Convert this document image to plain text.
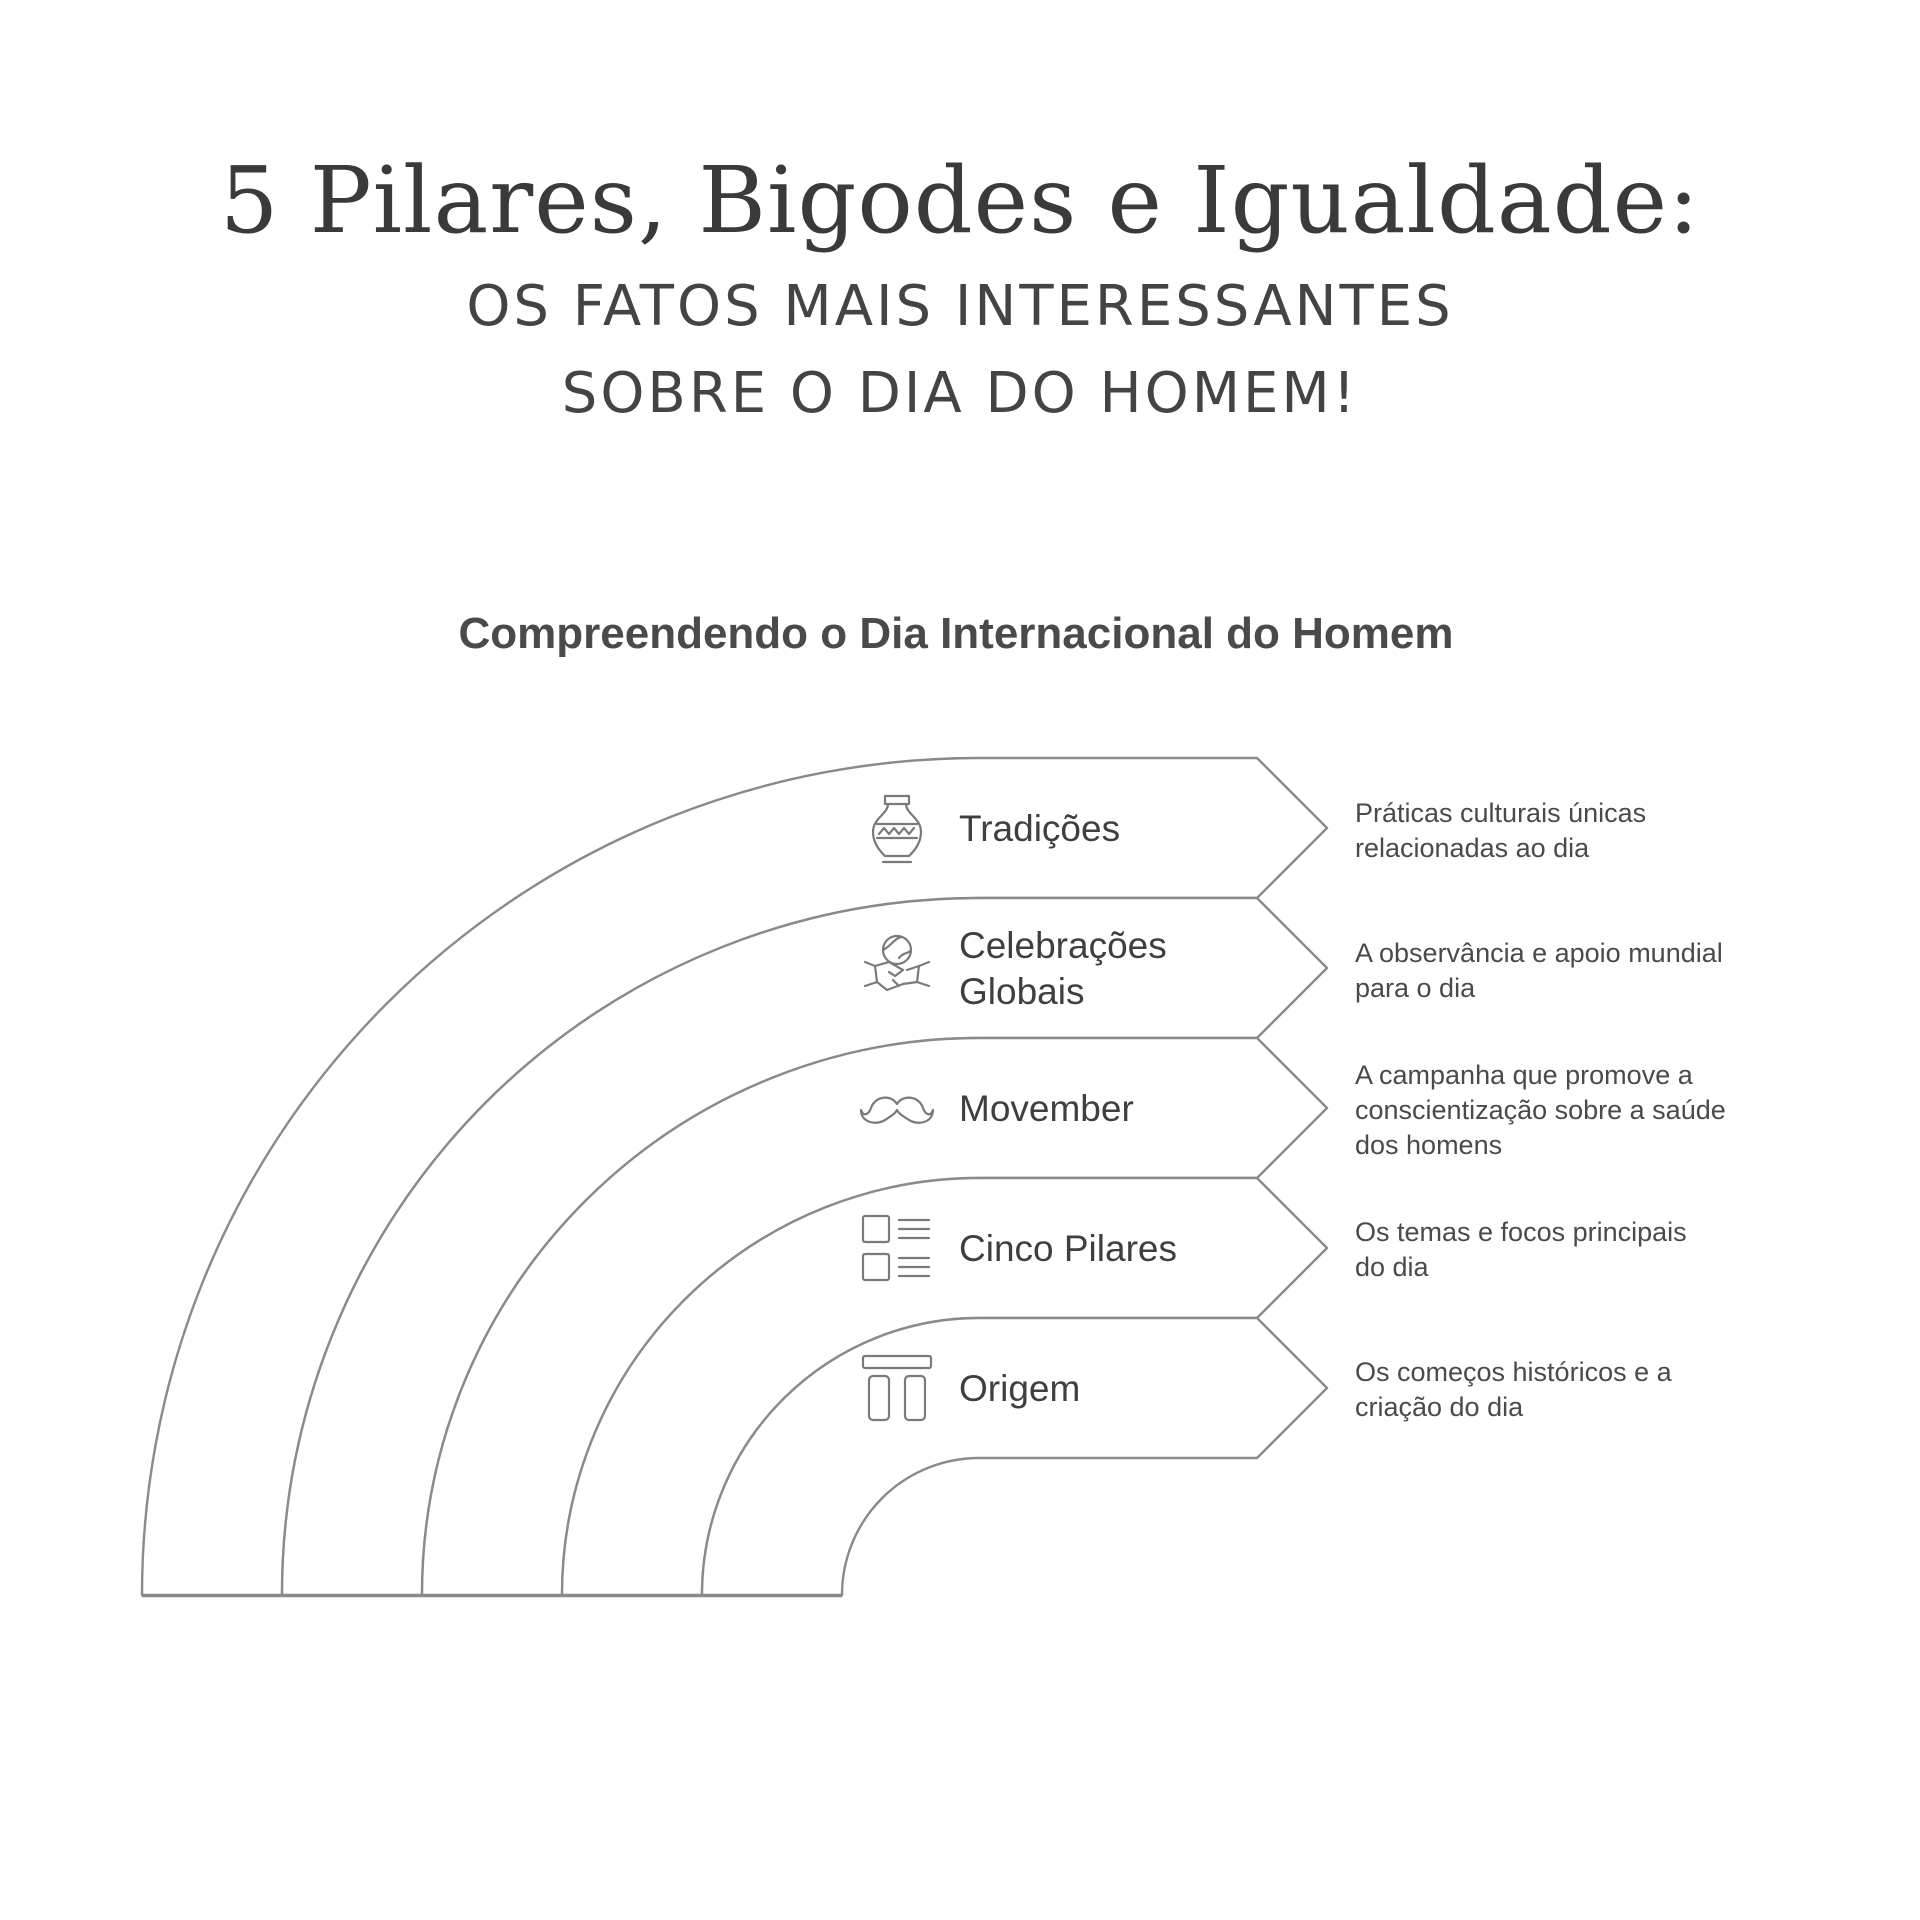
5 Pilares, Bigodes e Igualdade:
OS FATOS MAIS INTERESSANTES
SOBRE O DIA DO HOMEM!
Compreendendo o Dia Internacional do Homem
Tradições
Celebrações
Globais
Movember
Cinco Pilares
Origem
Práticas culturais únicas
relacionadas ao dia
A observância e apoio mundial
para o dia
A campanha que promove a
conscientização sobre a saúde
dos homens
Os temas e focos principais
do dia
Os começos históricos e a
criação do dia
